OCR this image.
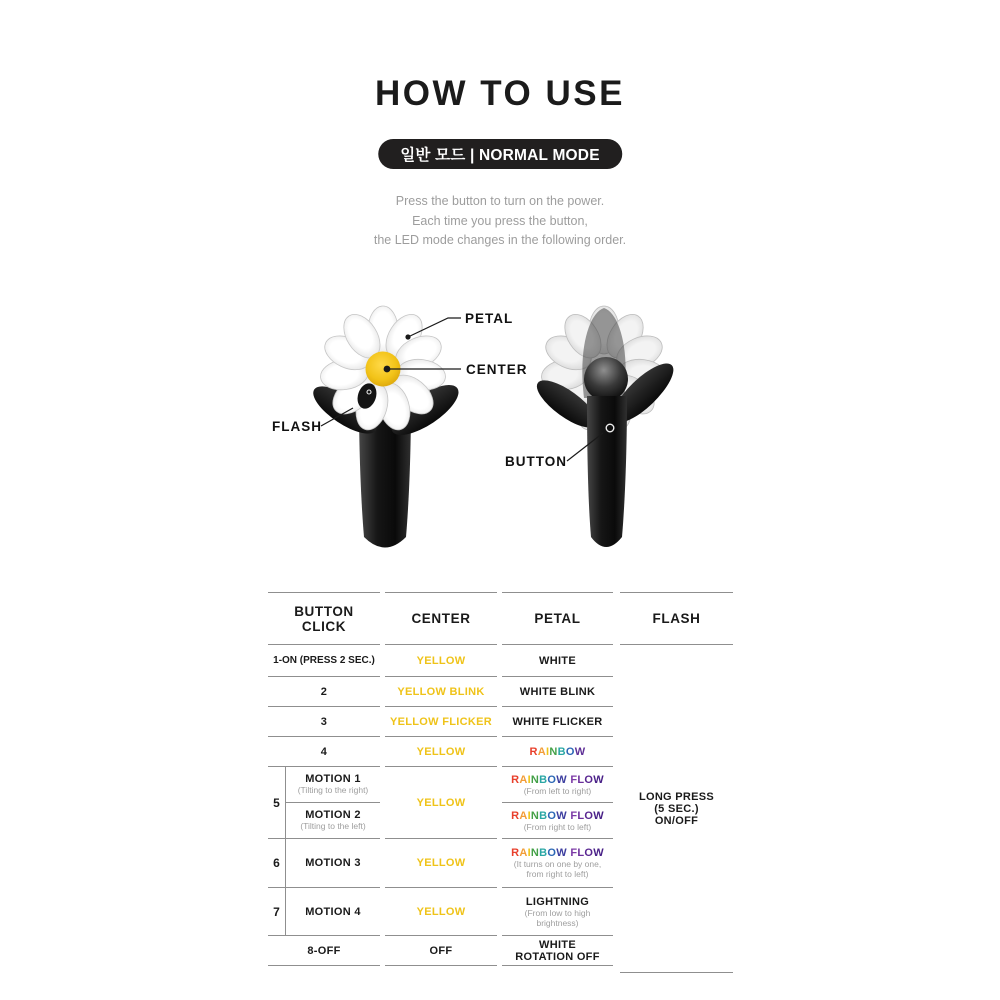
HOW TO USE
일반 모드 | NORMAL MODE
Press the button to turn on the power.
Each time you press the button,
the LED mode changes in the following order.
PETAL
CENTER
FLASH
BUTTON
BUTTON
CLICK
1-ON (PRESS 2 SEC.)
2
3
4
5
MOTION 1
(Tilting to the right)
MOTION 2
(Tilting to the left)
6	MOTION 3
7	MOTION 4
8-OFF
CENTER
YELLOW
YELLOW BLINK
YELLOW FLICKER
YELLOW
YELLOW
YELLOW
YELLOW
OFF
PETAL
WHITE
WHITE BLINK
WHITE FLICKER
RAINBOW
RAINBOW FLOW
(From left to right)
RAINBOW FLOW
(From right to left)
RAINBOW FLOW
(It turns on one by one,
from right to left)
LIGHTNING
(From low to high
brightness)
WHITE
ROTATION OFF
FLASH
LONG PRESS
(5 SEC.)
ON/OFF
